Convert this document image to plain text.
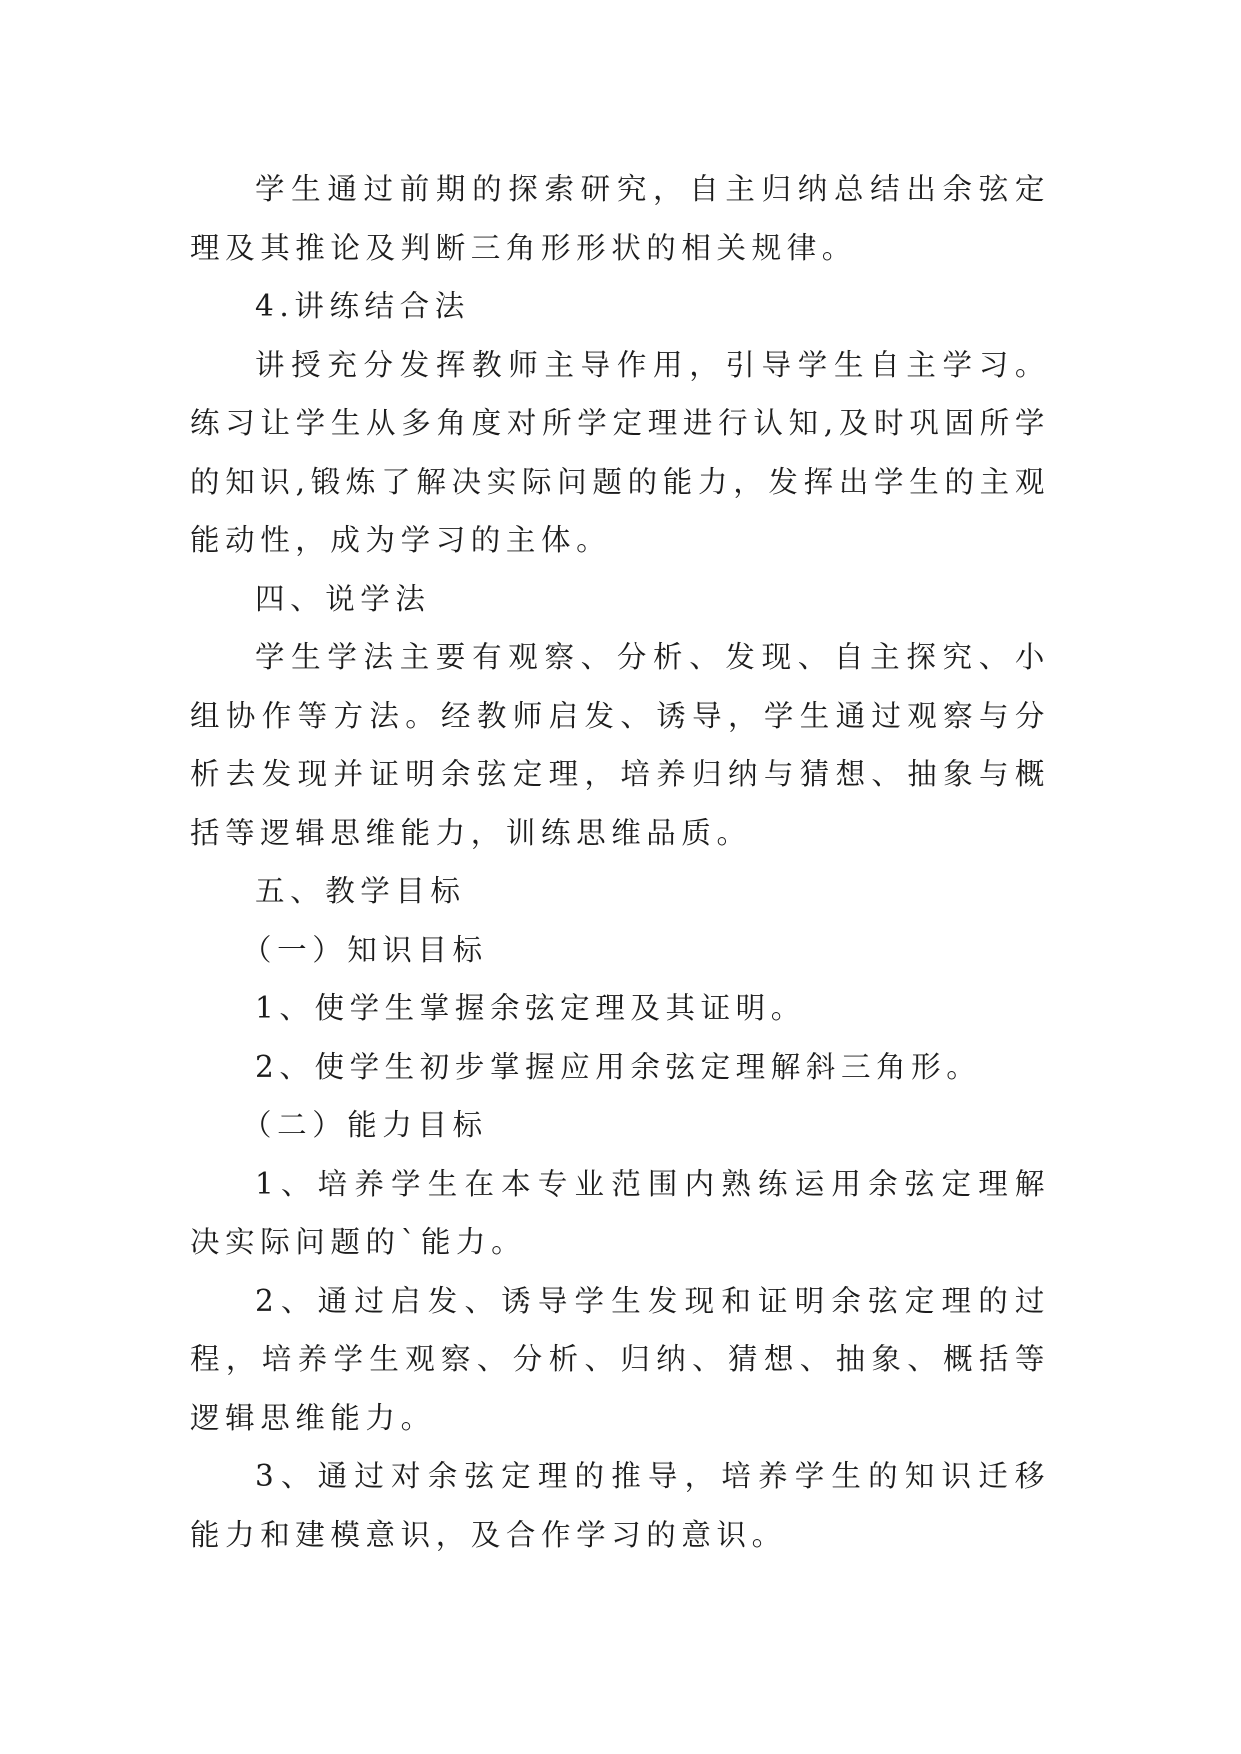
学生通过前期的探索研究，自主归纳总结出余弦定理及其推论及判断三角形形状的相关规律。

4.讲练结合法

讲授充分发挥教师主导作用，引导学生自主学习。练习让学生从多角度对所学定理进行认知,及时巩固所学的知识,锻炼了解决实际问题的能力，发挥出学生的主观能动性，成为学习的主体。

四、说学法

学生学法主要有观察、分析、发现、自主探究、小组协作等方法。经教师启发、诱导，学生通过观察与分析去发现并证明余弦定理，培养归纳与猜想、抽象与概括等逻辑思维能力，训练思维品质。

五、教学目标

（一）知识目标

1、使学生掌握余弦定理及其证明。

2、使学生初步掌握应用余弦定理解斜三角形。

（二）能力目标

1、培养学生在本专业范围内熟练运用余弦定理解决实际问题的`能力。

2、通过启发、诱导学生发现和证明余弦定理的过程，培养学生观察、分析、归纳、猜想、抽象、概括等逻辑思维能力。

3、通过对余弦定理的推导，培养学生的知识迁移能力和建模意识，及合作学习的意识。
